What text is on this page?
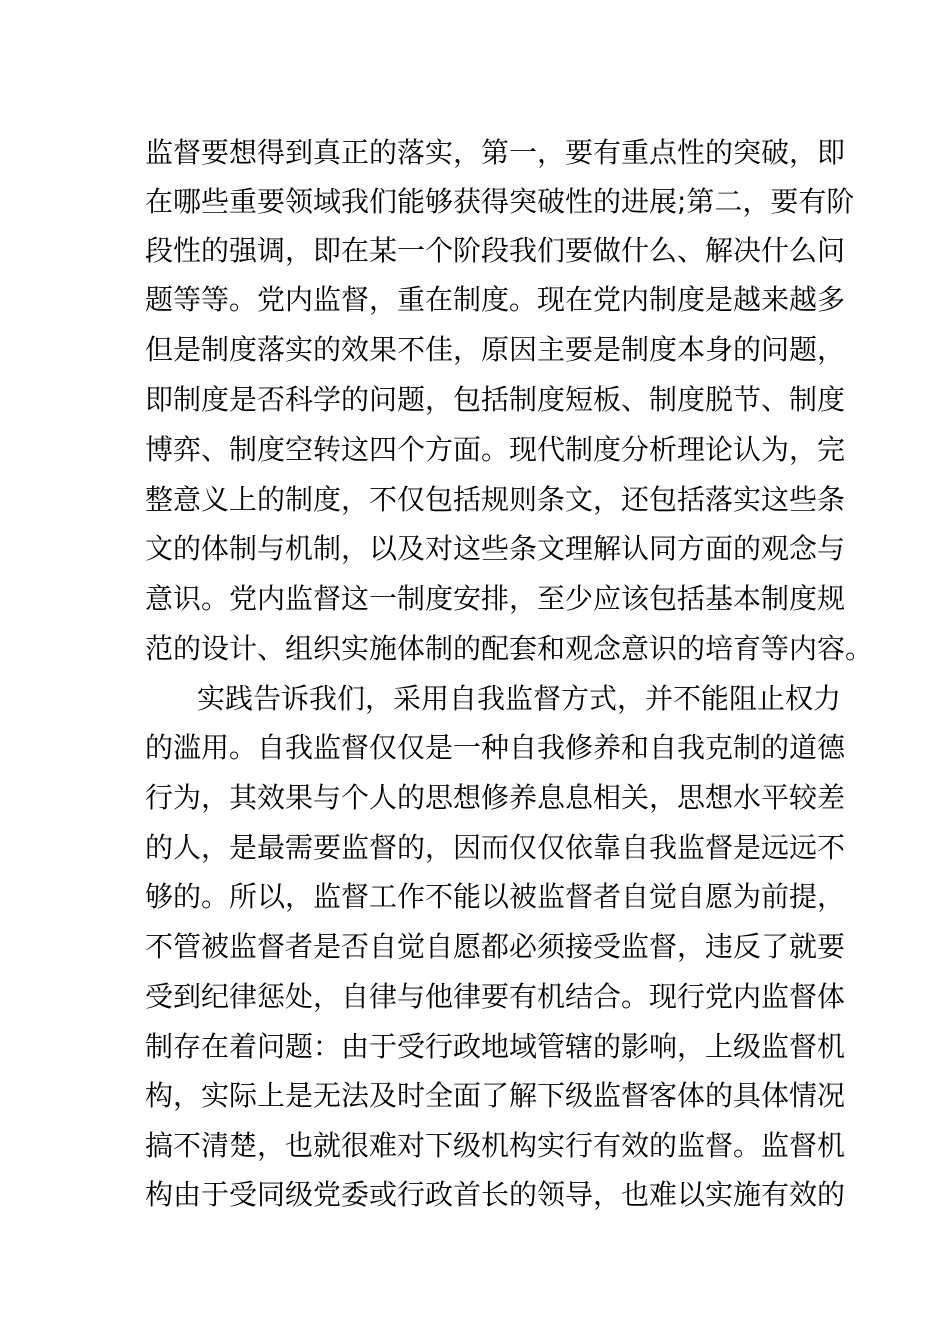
监督要想得到真正的落实，第一，要有重点性的突破，即
在哪些重要领域我们能够获得突破性的进展;第二，要有阶
段性的强调，即在某一个阶段我们要做什么、解决什么问
题等等。党内监督，重在制度。现在党内制度是越来越多
但是制度落实的效果不佳，原因主要是制度本身的问题，
即制度是否科学的问题，包括制度短板、制度脱节、制度
博弈、制度空转这四个方面。现代制度分析理论认为，完
整意义上的制度，不仅包括规则条文，还包括落实这些条
文的体制与机制，以及对这些条文理解认同方面的观念与
意识。党内监督这一制度安排，至少应该包括基本制度规
范的设计、组织实施体制的配套和观念意识的培育等内容。
实践告诉我们，采用自我监督方式，并不能阻止权力
的滥用。自我监督仅仅是一种自我修养和自我克制的道德
行为，其效果与个人的思想修养息息相关，思想水平较差
的人，是最需要监督的，因而仅仅依靠自我监督是远远不
够的。所以，监督工作不能以被监督者自觉自愿为前提，
不管被监督者是否自觉自愿都必须接受监督，违反了就要
受到纪律惩处，自律与他律要有机结合。现行党内监督体
制存在着问题：由于受行政地域管辖的影响，上级监督机
构，实际上是无法及时全面了解下级监督客体的具体情况
搞不清楚，也就很难对下级机构实行有效的监督。监督机
构由于受同级党委或行政首长的领导，也难以实施有效的
